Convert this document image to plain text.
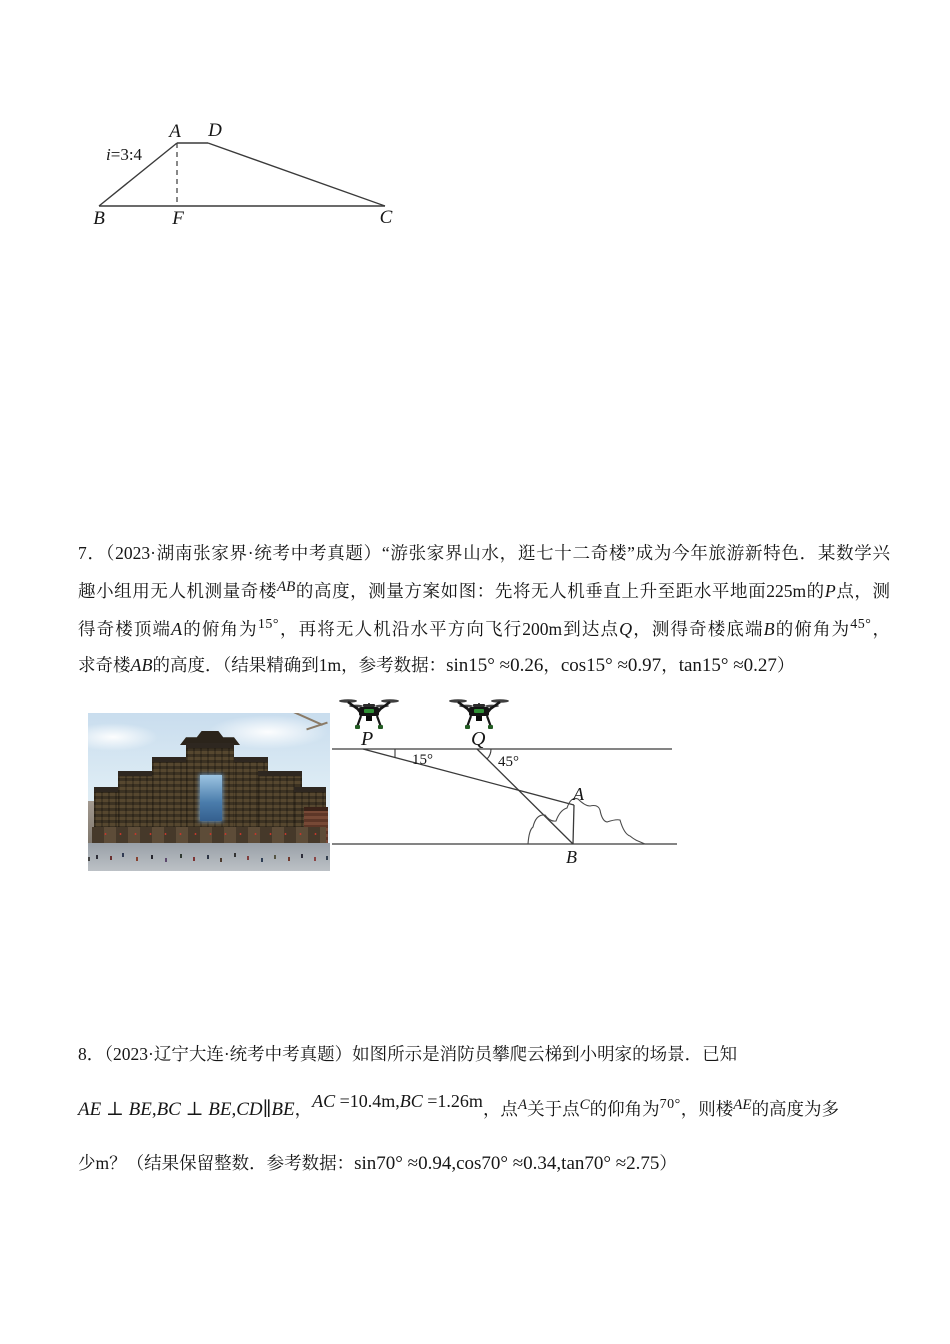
A D
B	F	C
i=3:4
7．（2023·湖南张家界·统考中考真题）“游张家界山水，逛七十二奇楼”成为今年旅游新特色．某数学兴
趣小组用无人机测量奇楼AB的高度，测量方案如图：先将无人机垂直上升至距水平地面225m的P点，测
得奇楼顶端A的俯角为$^{15^\circ}$，再将无人机沿水平方向飞行200m到达点Q，测得奇楼底端B的俯角为$^{45^\circ}$，
求奇楼AB的高度．（结果精确到1m，参考数据：sin15° ≈0.26，cos15° ≈0.97，tan15° ≈0.27）
P	Q
15°	45°
A
B
8．（2023·辽宁大连·统考中考真题）如图所示是消防员攀爬云梯到小明家的场景．已知
AE ⊥ BE,BC ⊥ BE,CD∥BE，AC =10.4m,BC =1.26m，点A关于点C的仰角为$^{70^\circ}$，则楼AE的高度为多
少m？（结果保留整数．参考数据：sin70° ≈0.94,cos70° ≈0.34,tan70° ≈2.75）
